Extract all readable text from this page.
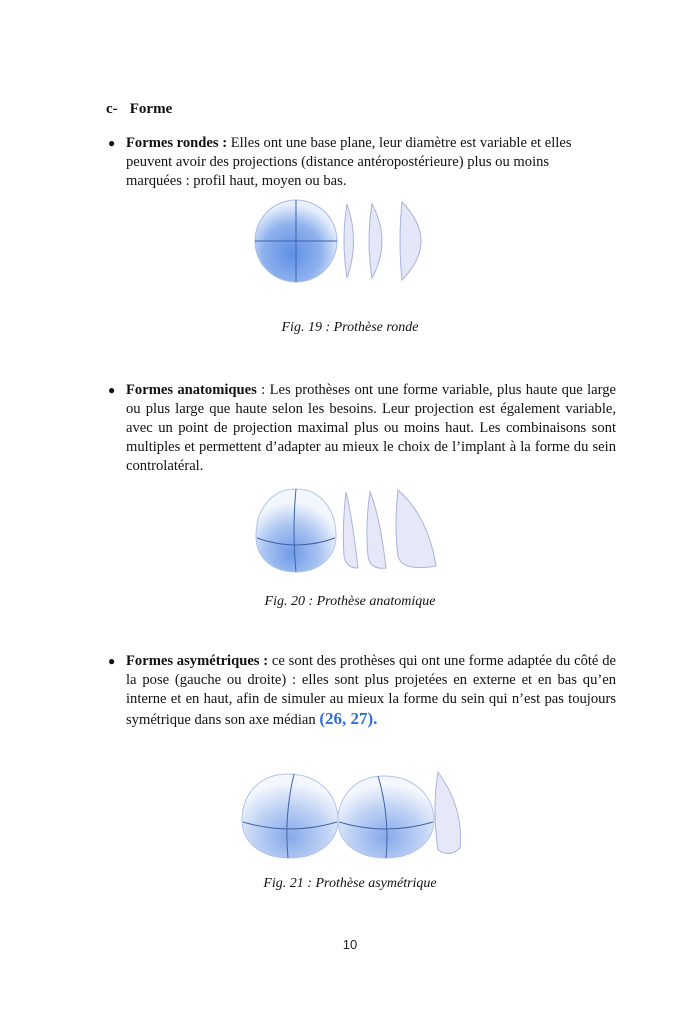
c- Forme
● Formes rondes : Elles ont une base plane, leur diamètre est variable et elles peuvent avoir des projections (distance antéropostérieure) plus ou moins marquées : profil haut, moyen ou bas.
Fig. 19 : Prothèse ronde
● Formes anatomiques : Les prothèses ont une forme variable, plus haute que large ou plus large que haute selon les besoins. Leur projection est également variable, avec un point de projection maximal plus ou moins haut. Les combinaisons sont multiples et permettent d’adapter au mieux le choix de l’implant à la forme du sein controlatéral.
Fig. 20 : Prothèse anatomique
● Formes asymétriques : ce sont des prothèses qui ont une forme adaptée du côté de la pose (gauche ou droite) : elles sont plus projetées en externe et en bas qu’en interne et en haut, afin de simuler au mieux la forme du sein qui n’est pas toujours symétrique dans son axe médian (26, 27).
Fig. 21 : Prothèse asymétrique
10
